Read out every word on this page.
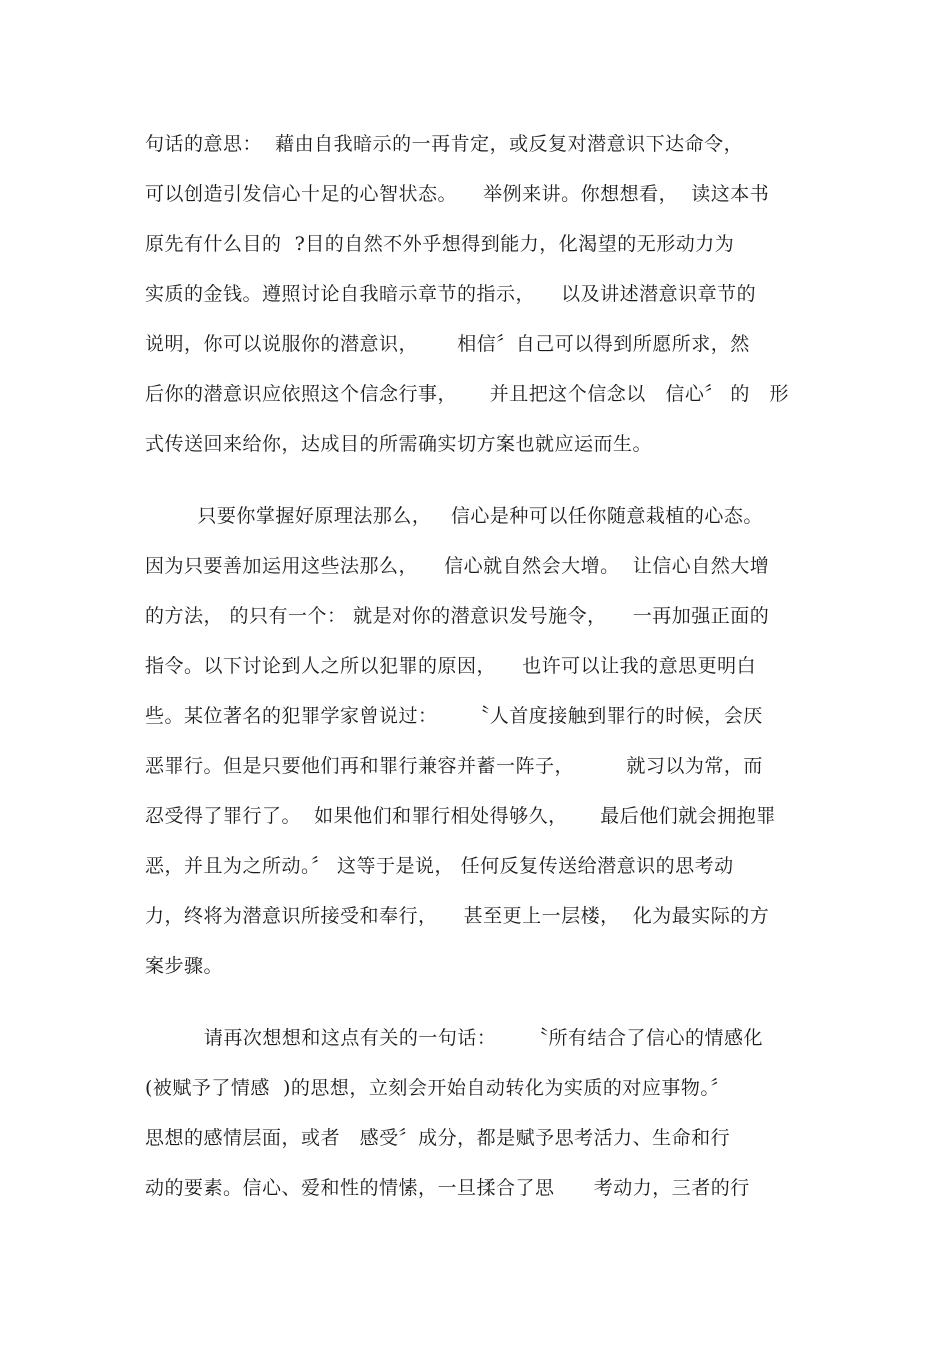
句话的意思：  藉由自我暗示的一再肯定，或反复对潜意识下达命令，
可以创造引发信心十足的心智状态。    举例来讲。你想想看，  读这本书
原先有什么目的  ?目的自然不外乎想得到能力，化渴望的无形动力为
实质的金钱。遵照讨论自我暗示章节的指示，    以及讲述潜意识章节的
说明，你可以说服你的潜意识，      相信〞自己可以得到所愿所求，然
后你的潜意识应依照这个信念行事，     并且把这个信念以   信心〞 的   形
式传送回来给你，达成目的所需确实切方案也就应运而生。
只要你掌握好原理法那么，   信心是种可以任你随意栽植的心态。
因为只要善加运用这些法那么，    信心就自然会大增。  让信心自然大增
的方法， 的只有一个： 就是对你的潜意识发号施令，    一再加强正面的
指令。以下讨论到人之所以犯罪的原因，    也许可以让我的意思更明白
些。某位著名的犯罪学家曾说过：     〝人首度接触到罪行的时候，会厌
恶罪行。但是只要他们再和罪行兼容并蓄一阵子，        就习以为常，而
忍受得了罪行了。  如果他们和罪行相处得够久，     最后他们就会拥抱罪
恶，并且为之所动。〞 这等于是说， 任何反复传送给潜意识的思考动
力，终将为潜意识所接受和奉行，    甚至更上一层楼，  化为最实际的方
案步骤。
请再次想想和这点有关的一句话：     〝所有结合了信心的情感化
(被赋予了情感  )的思想，立刻会开始自动转化为实质的对应事物。〞
思想的感情层面，或者   感受〞成分，都是赋予思考活力、生命和行
动的要素。信心、爱和性的情愫，一旦揉合了思      考动力，三者的行
